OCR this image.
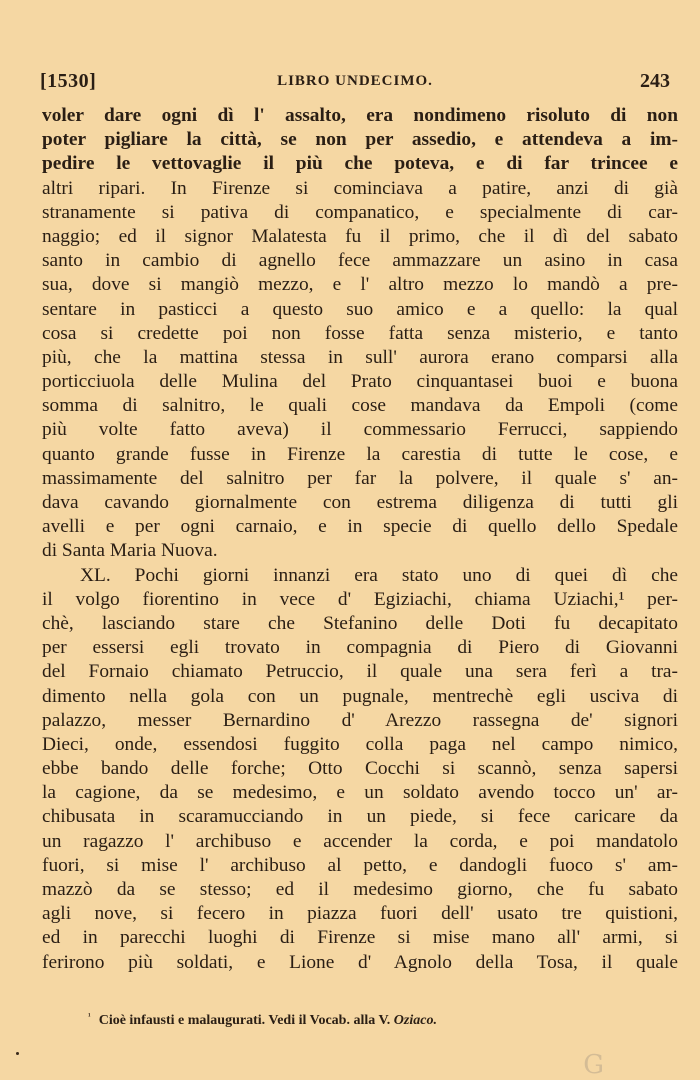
[1530]	LIBRO UNDECIMO.	243
voler dare ogni dì l' assalto, era nondimeno risoluto di non
poter pigliare la città, se non per assedio, e attendeva a im-
pedire le vettovaglie il più che poteva, e di far trincee e
altri ripari. In Firenze si cominciava a patire, anzi di già
stranamente si pativa di companatico, e specialmente di car-
naggio; ed il signor Malatesta fu il primo, che il dì del sabato
santo in cambio di agnello fece ammazzare un asino in casa
sua, dove si mangiò mezzo, e l' altro mezzo lo mandò a pre-
sentare in pasticci a questo suo amico e a quello: la qual
cosa si credette poi non fosse fatta senza misterio, e tanto
più, che la mattina stessa in sull' aurora erano comparsi alla
porticciuola delle Mulina del Prato cinquantasei buoi e buona
somma di salnitro, le quali cose mandava da Empoli (come
più volte fatto aveva) il commessario Ferrucci, sappiendo
quanto grande fusse in Firenze la carestia di tutte le cose, e
massimamente del salnitro per far la polvere, il quale s' an-
dava cavando giornalmente con estrema diligenza di tutti gli
avelli e per ogni carnaio, e in specie di quello dello Spedale
di Santa Maria Nuova.
XL. Pochi giorni innanzi era stato uno di quei dì che
il volgo fiorentino in vece d' Egiziachi, chiama Uziachi,¹ per-
chè, lasciando stare che Stefanino delle Doti fu decapitato
per essersi egli trovato in compagnia di Piero di Giovanni
del Fornaio chiamato Petruccio, il quale una sera ferì a tra-
dimento nella gola con un pugnale, mentrechè egli usciva di
palazzo, messer Bernardino d' Arezzo rassegna de' signori
Dieci, onde, essendosi fuggito colla paga nel campo nimico,
ebbe bando delle forche; Otto Cocchi si scannò, senza sapersi
la cagione, da se medesimo, e un soldato avendo tocco un' ar-
chibusata in scaramucciando in un piede, si fece caricare da
un ragazzo l' archibuso e accender la corda, e poi mandatolo
fuori, si mise l' archibuso al petto, e dandogli fuoco s' am-
mazzò da se stesso; ed il medesimo giorno, che fu sabato
agli nove, si fecero in piazza fuori dell' usato tre quistioni,
ed in parecchi luoghi di Firenze si mise mano all' armi, si
ferirono più soldati, e Lione d' Agnolo della Tosa, il quale
$^{^1}$ Cioè infausti e malaugurati. Vedi il Vocab. alla V. Oziaco.
G
